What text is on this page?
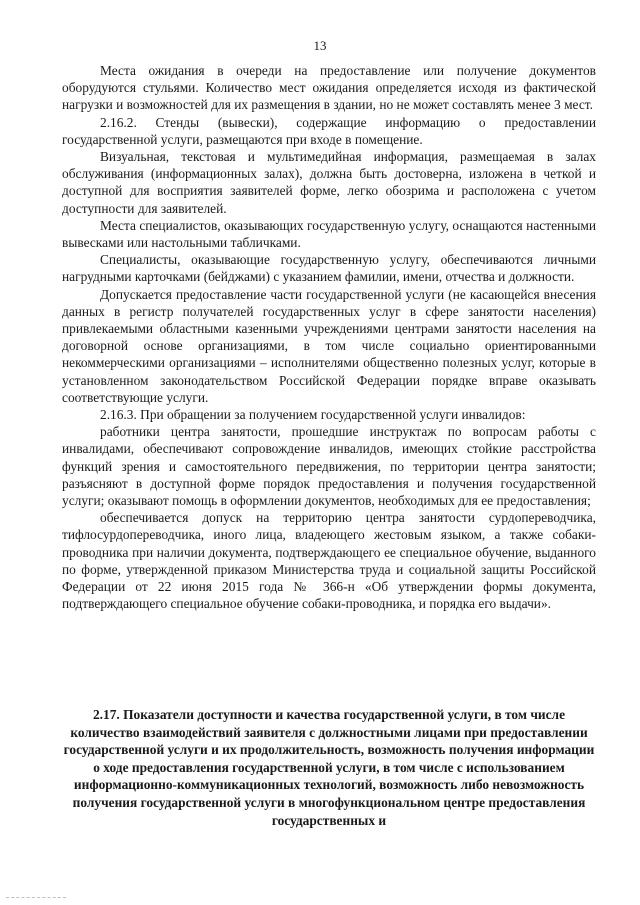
13

Места ожидания в очереди на предоставление или получение документов оборудуются стульями. Количество мест ожидания определяется исходя из фактической нагрузки и возможностей для их размещения в здании, но не может составлять менее 3 мест.

2.16.2. Стенды (вывески), содержащие информацию о предоставлении государственной услуги, размещаются при входе в помещение.

Визуальная, текстовая и мультимедийная информация, размещаемая в залах обслуживания (информационных залах), должна быть достоверна, изложена в четкой и доступной для восприятия заявителей форме, легко обозрима и расположена с учетом доступности для заявителей.

Места специалистов, оказывающих государственную услугу, оснащаются настенными вывесками или настольными табличками.

Специалисты, оказывающие государственную услугу, обеспечиваются личными нагрудными карточками (бейджами) с указанием фамилии, имени, отчества и должности.

Допускается предоставление части государственной услуги (не касающейся внесения данных в регистр получателей государственных услуг в сфере занятости населения) привлекаемыми областными казенными учреждениями центрами занятости населения на договорной основе организациями, в том числе социально ориентированными некоммерческими организациями – исполнителями общественно полезных услуг, которые в установленном законодательством Российской Федерации порядке вправе оказывать соответствующие услуги.

2.16.3. При обращении за получением государственной услуги инвалидов:

работники центра занятости, прошедшие инструктаж по вопросам работы с инвалидами, обеспечивают сопровождение инвалидов, имеющих стойкие расстройства функций зрения и самостоятельного передвижения, по территории центра занятости; разъясняют в доступной форме порядок предоставления и получения государственной услуги; оказывают помощь в оформлении документов, необходимых для ее предоставления;

обеспечивается допуск на территорию центра занятости сурдопереводчика, тифлосурдопереводчика, иного лица, владеющего жестовым языком, а также собаки-проводника при наличии документа, подтверждающего ее специальное обучение, выданного по форме, утвержденной приказом Министерства труда и социальной защиты Российской Федерации от 22 июня 2015 года № 366-н «Об утверждении формы документа, подтверждающего специальное обучение собаки-проводника, и порядка его выдачи».

2.17. Показатели доступности и качества государственной услуги, в том числе количество взаимодействий заявителя с должностными лицами при предоставлении государственной услуги и их продолжительность, возможность получения информации о ходе предоставления государственной услуги, в том числе с использованием информационно-коммуникационных технологий, возможность либо невозможность получения государственной услуги в многофункциональном центре предоставления государственных и
